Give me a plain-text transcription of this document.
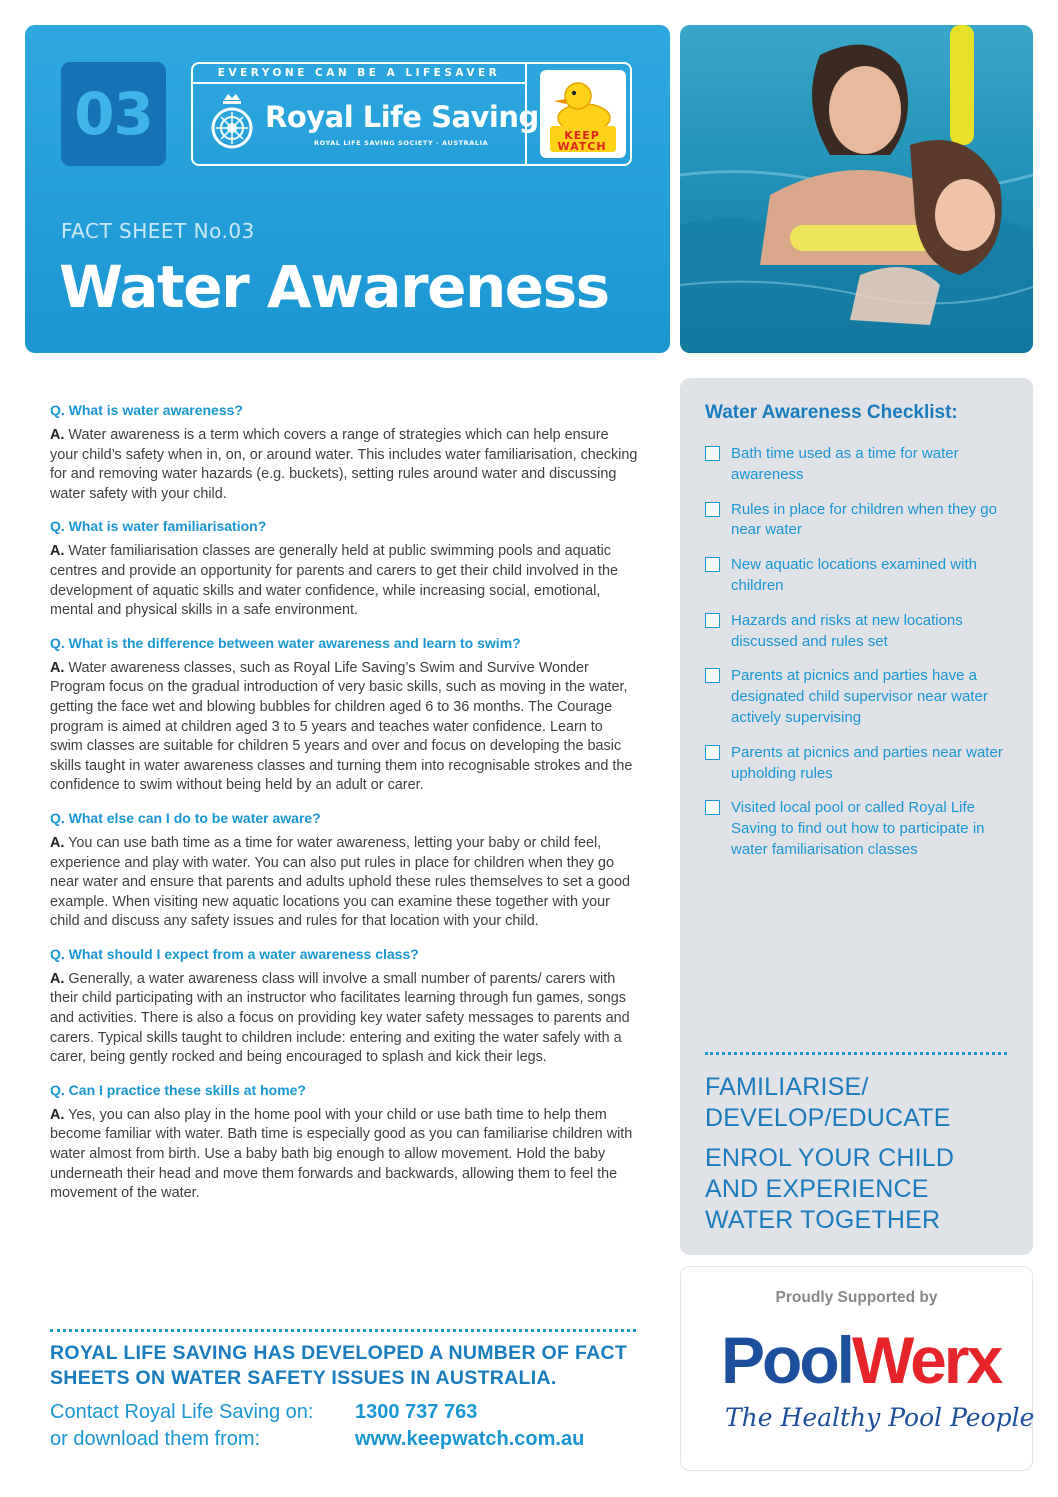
03
EVERYONE CAN BE A LIFESAVER
Royal Life Saving
ROYAL LIFE SAVING SOCIETY · AUSTRALIA
KEEP WATCH
FACT SHEET No.03
Water Awareness
Q. What is water awareness?

A. Water awareness is a term which covers a range of strategies which can help ensure your child’s safety when in, on, or around water. This includes water familiarisation, checking for and removing water hazards (e.g. buckets), setting rules around water and discussing water safety with your child.

Q. What is water familiarisation?

A. Water familiarisation classes are generally held at public swimming pools and aquatic centres and provide an opportunity for parents and carers to get their child involved in the development of aquatic skills and water confidence, while increasing social, emotional, mental and physical skills in a safe environment.

Q. What is the difference between water awareness and learn to swim?

A. Water awareness classes, such as Royal Life Saving’s Swim and Survive Wonder Program focus on the gradual introduction of very basic skills, such as moving in the water, getting the face wet and blowing bubbles for children aged 6 to 36 months. The Courage program is aimed at children aged 3 to 5 years and teaches water confidence. Learn to swim classes are suitable for children 5 years and over and focus on developing the basic skills taught in water awareness classes and turning them into recognisable strokes and the confidence to swim without being held by an adult or carer.

Q. What else can I do to be water aware?

A. You can use bath time as a time for water awareness, letting your baby or child feel, experience and play with water. You can also put rules in place for children when they go near water and ensure that parents and adults uphold these rules themselves to set a good example. When visiting new aquatic locations you can examine these together with your child and discuss any safety issues and rules for that location with your child.

Q. What should I expect from a water awareness class?

A. Generally, a water awareness class will involve a small number of parents/ carers with their child participating with an instructor who facilitates learning through fun games, songs and activities. There is also a focus on providing key water safety messages to parents and carers. Typical skills taught to children include: entering and exiting the water safely with a carer, being gently rocked and being encouraged to splash and kick their legs.

Q. Can I practice these skills at home?

A. Yes, you can also play in the home pool with your child or use bath time to help them become familiar with water. Bath time is especially good as you can familiarise children with water almost from birth. Use a baby bath big enough to allow movement. Hold the baby underneath their head and move them forwards and backwards, allowing them to feel the movement of the water.

ROYAL LIFE SAVING HAS DEVELOPED A NUMBER OF FACT SHEETS ON WATER SAFETY ISSUES IN AUSTRALIA.
Contact Royal Life Saving on: 1300 737 763
or download them from:	www.keepwatch.com.au
Water Awareness Checklist:
Bath time used as a time for water awareness
Rules in place for children when they go near water
New aquatic locations examined with children
Hazards and risks at new locations discussed and rules set
Parents at picnics and parties have a designated child supervisor near water actively supervising
Parents at picnics and parties near water upholding rules
Visited local pool or called Royal Life Saving to find out how to participate in water familiarisation classes
FAMILIARISE/
DEVELOP/EDUCATE
ENROL YOUR CHILD
AND EXPERIENCE
WATER TOGETHER
Proudly Supported by
PoolWerx
The Healthy Pool People
